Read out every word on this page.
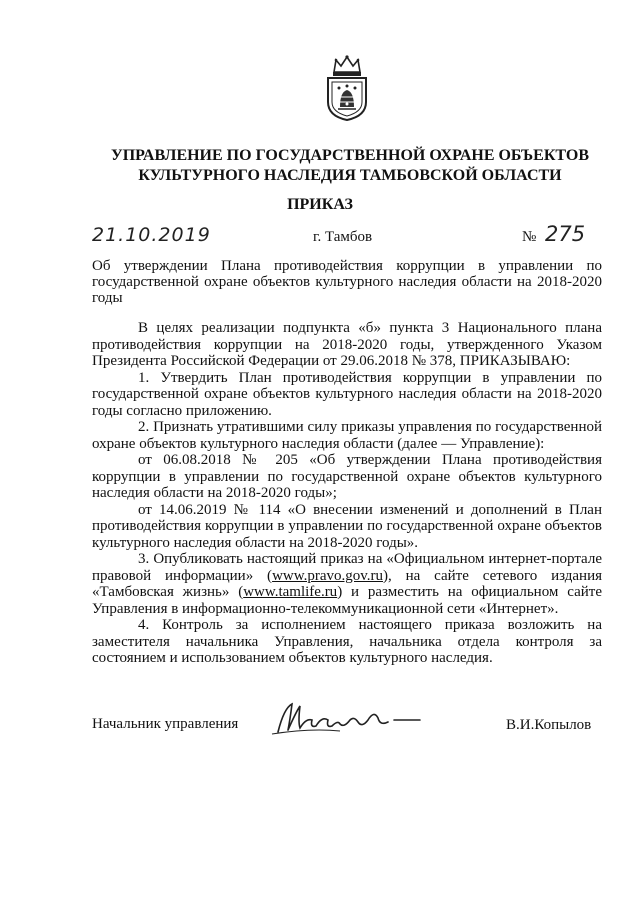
УПРАВЛЕНИЕ ПО ГОСУДАРСТВЕННОЙ ОХРАНЕ ОБЪЕКТОВ
КУЛЬТУРНОГО НАСЛЕДИЯ ТАМБОВСКОЙ ОБЛАСТИ
ПРИКАЗ
21.10.2019	г. Тамбов	№ 275
Об утверждении Плана противодействия коррупции в управлении по государственной охране объектов культурного наследия области на 2018-2020 годы

В целях реализации подпункта «б» пункта 3 Национального плана противодействия коррупции на 2018-2020 годы, утвержденного Указом Президента Российской Федерации от 29.06.2018 № 378, ПРИКАЗЫВАЮ:

1. Утвердить План противодействия коррупции в управлении по государственной охране объектов культурного наследия области на 2018-2020 годы согласно приложению.

2. Признать утратившими силу приказы управления по государственной охране объектов культурного наследия области (далее — Управление):

от 06.08.2018 № 205 «Об утверждении Плана противодействия коррупции в управлении по государственной охране объектов культурного наследия области на 2018-2020 годы»;

от 14.06.2019 № 114 «О внесении изменений и дополнений в План противодействия коррупции в управлении по государственной охране объектов культурного наследия области на 2018-2020 годы».

3. Опубликовать настоящий приказ на «Официальном интернет-портале правовой информации» (www.pravo.gov.ru), на сайте сетевого издания «Тамбовская жизнь» (www.tamlife.ru) и разместить на официальном сайте Управления в информационно-телекоммуникационной сети «Интернет».

4. Контроль за исполнением настоящего приказа возложить на заместителя начальника Управления, начальника отдела контроля за состоянием и использованием объектов культурного наследия.

Начальник управления	В.И.Копылов
